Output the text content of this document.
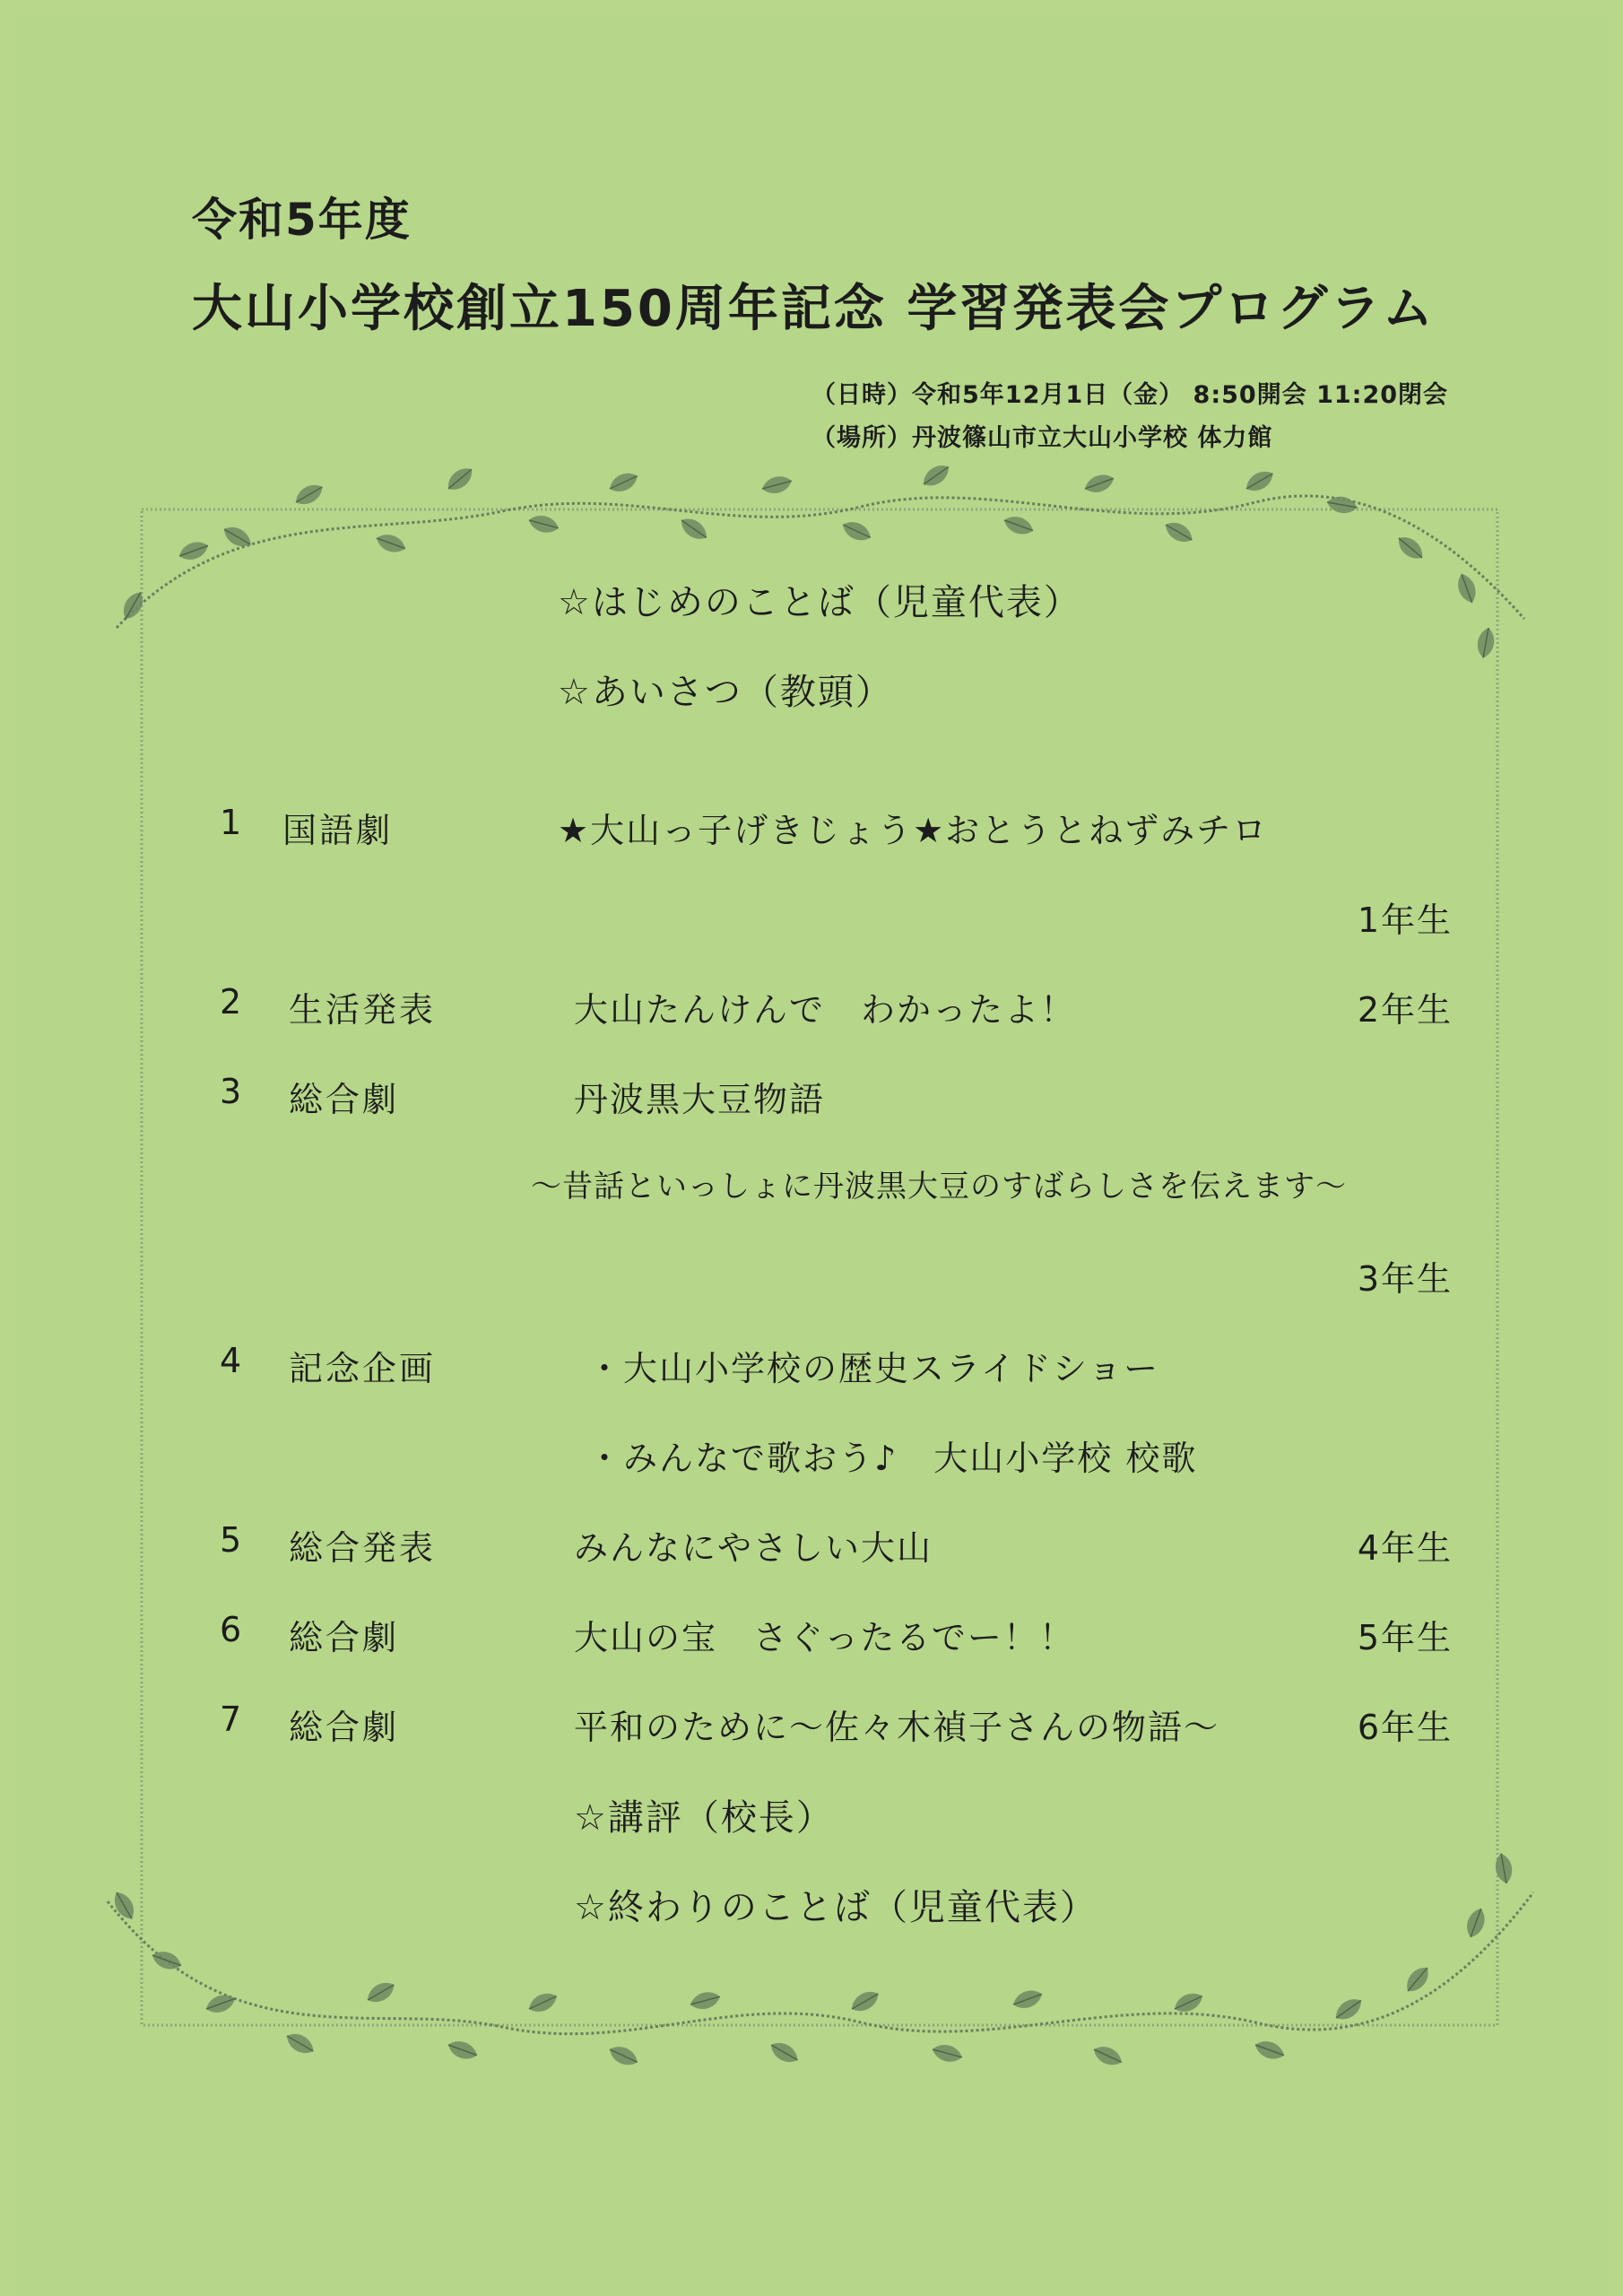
令和5年度
大山小学校創立150周年記念 学習発表会プログラム
（日時）令和5年12月1日（金） 8:50開会 11:20閉会
（場所）丹波篠山市立大山小学校 体力館
☆はじめのことば（児童代表）
☆あいさつ（教頭）
1 国語劇	★大山っ子げきじょう★おとうとねずみチロ
1年生
2 生活発表	大山たんけんで　わかったよ！	2年生
3 総合劇	丹波黒大豆物語
～昔話といっしょに丹波黒大豆のすばらしさを伝えます～
3年生
4 記念企画	・大山小学校の歴史スライドショー
・みんなで歌おう♪　大山小学校 校歌
5 総合発表	みんなにやさしい大山	4年生
6 総合劇	大山の宝　さぐったるでー！！	5年生
7 総合劇	平和のために～佐々木禎子さんの物語～	6年生
☆講評（校長）
☆終わりのことば（児童代表）
